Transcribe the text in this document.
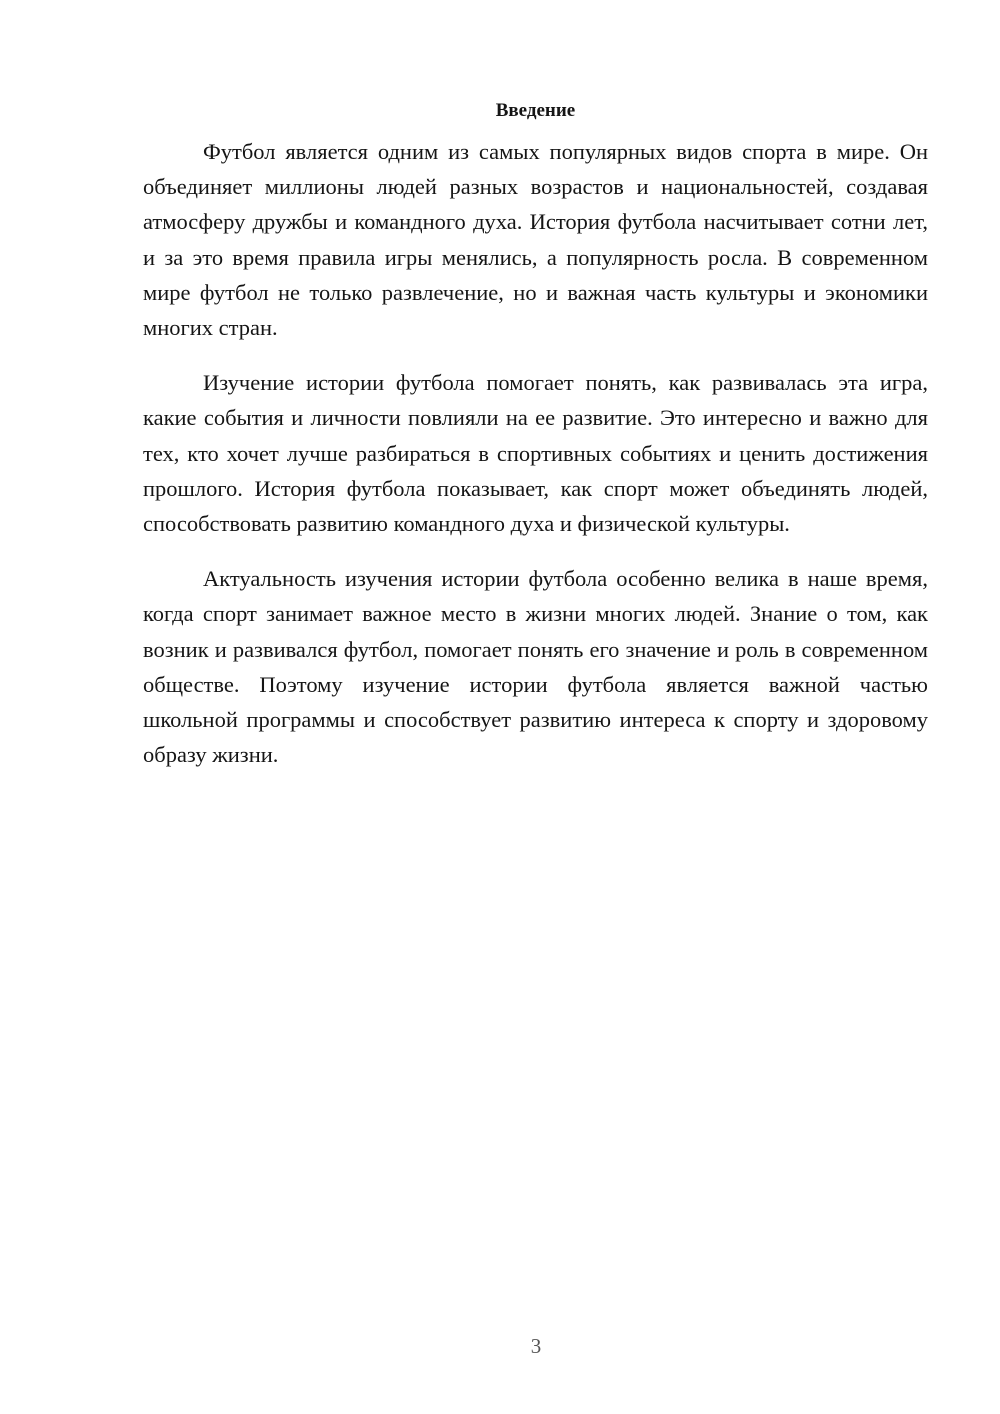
Введение

Футбол является одним из самых популярных видов спорта в мире. Он объединяет миллионы людей разных возрастов и национальностей, создавая атмосферу дружбы и командного духа. История футбола насчитывает сотни лет, и за это время правила игры менялись, а популярность росла. В современном мире футбол не только развлечение, но и важная часть культуры и экономики многих стран.

Изучение истории футбола помогает понять, как развивалась эта игра, какие события и личности повлияли на ее развитие. Это интересно и важно для тех, кто хочет лучше разбираться в спортивных событиях и ценить достижения прошлого. История футбола показывает, как спорт может объединять людей, способствовать развитию командного духа и физической культуры.

Актуальность изучения истории футбола особенно велика в наше время, когда спорт занимает важное место в жизни многих людей. Знание о том, как возник и развивался футбол, помогает понять его значение и роль в современном обществе. Поэтому изучение истории футбола является важной частью школьной программы и способствует развитию интереса к спорту и здоровому образу жизни.

3
